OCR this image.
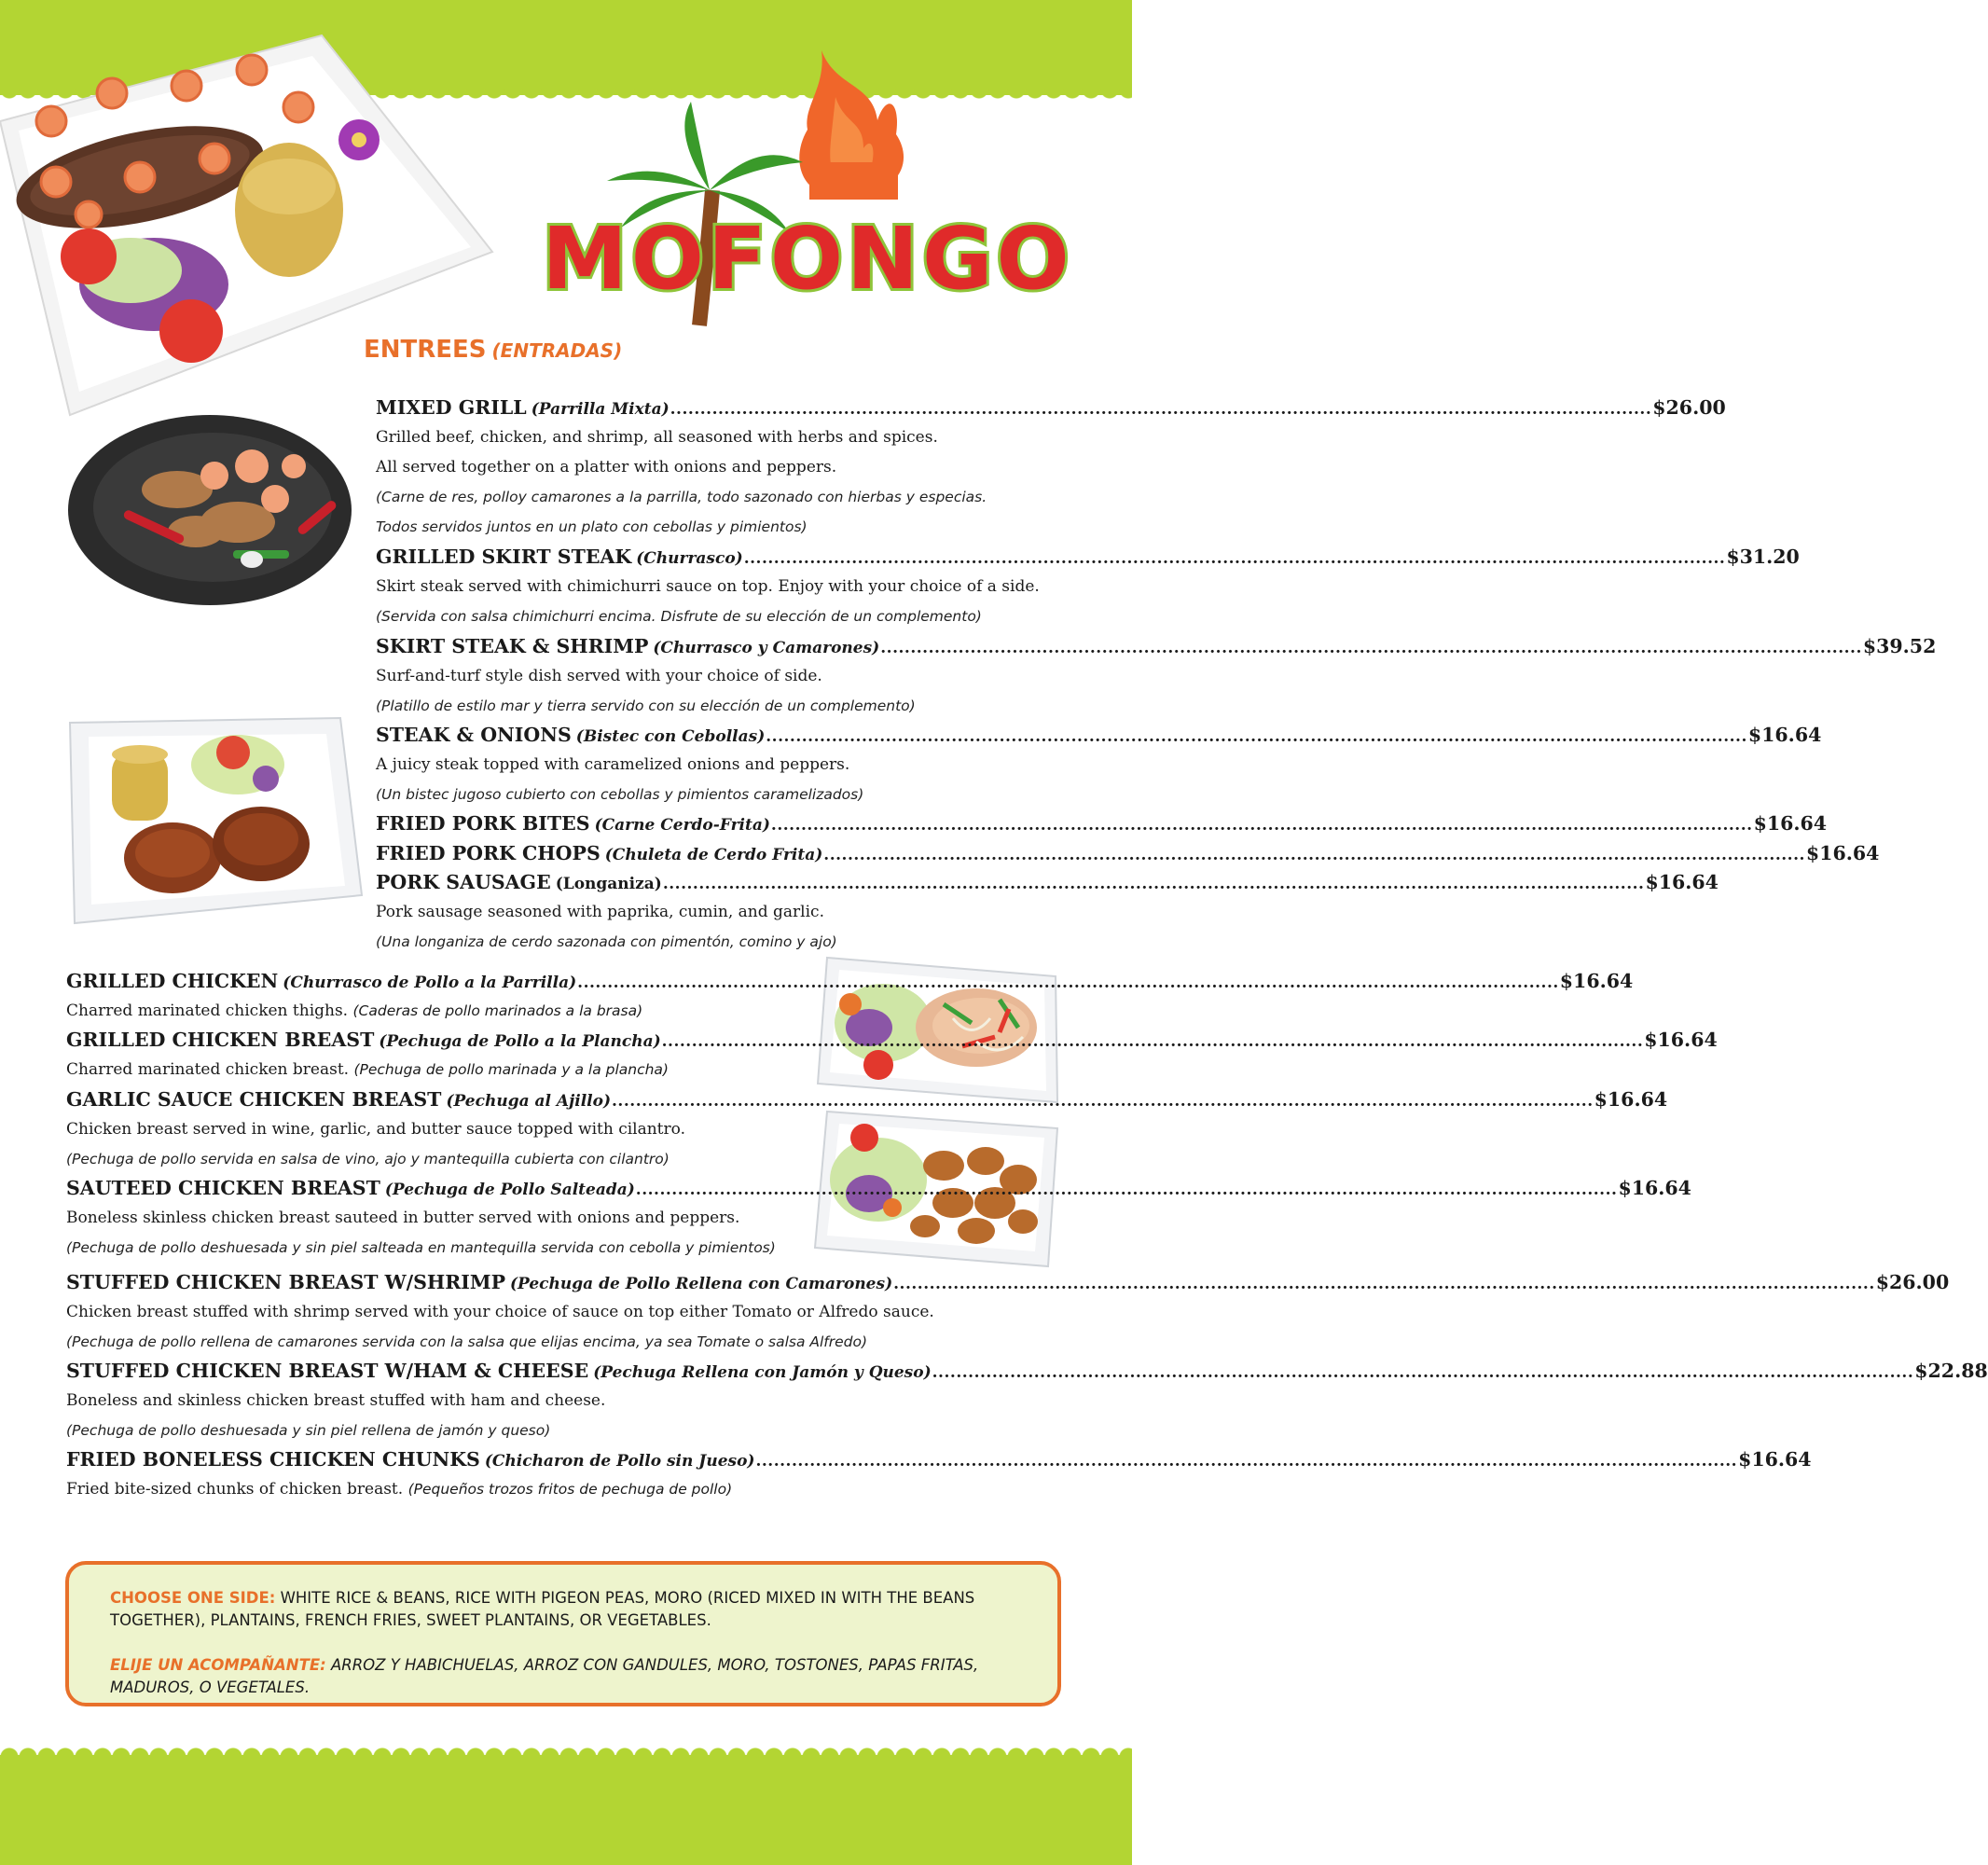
MOFONGO
ENTREES (ENTRADAS)
MIXED GRILL (Parrilla Mixta) .................................................................................................................................................................... $26.00
Grilled beef, chicken, and shrimp, all seasoned with herbs and spices.
All served together on a platter with onions and peppers.
(Carne de res, polloy camarones a la parrilla, todo sazonado con hierbas y especias.
Todos servidos juntos en un plato con cebollas y pimientos)
GRILLED SKIRT STEAK (Churrasco) .................................................................................................................................................................... $31.20
Skirt steak served with chimichurri sauce on top. Enjoy with your choice of a side.
(Servida con salsa chimichurri encima. Disfrute de su elección de un complemento)
SKIRT STEAK & SHRIMP (Churrasco y Camarones) .................................................................................................................................................................... $39.52
Surf-and-turf style dish served with your choice of side.
(Platillo de estilo mar y tierra servido con su elección de un complemento)
STEAK & ONIONS (Bistec con Cebollas) .................................................................................................................................................................... $16.64
A juicy steak topped with caramelized onions and peppers.
(Un bistec jugoso cubierto con cebollas y pimientos caramelizados)
FRIED PORK BITES (Carne Cerdo-Frita) .................................................................................................................................................................... $16.64
FRIED PORK CHOPS (Chuleta de Cerdo Frita) .................................................................................................................................................................... $16.64
PORK SAUSAGE (Longaniza) .................................................................................................................................................................... $16.64
Pork sausage seasoned with paprika, cumin, and garlic.
(Una longaniza de cerdo sazonada con pimentón, comino y ajo)
GRILLED CHICKEN (Churrasco de Pollo a la Parrilla) .................................................................................................................................................................... $16.64
Charred marinated chicken thighs. (Caderas de pollo marinados a la brasa)
GRILLED CHICKEN BREAST (Pechuga de Pollo a la Plancha) .................................................................................................................................................................... $16.64
Charred marinated chicken breast. (Pechuga de pollo marinada y a la plancha)
GARLIC SAUCE CHICKEN BREAST (Pechuga al Ajillo) .................................................................................................................................................................... $16.64
Chicken breast served in wine, garlic, and butter sauce topped with cilantro.
(Pechuga de pollo servida en salsa de vino, ajo y mantequilla cubierta con cilantro)
SAUTEED CHICKEN BREAST (Pechuga de Pollo Salteada) .................................................................................................................................................................... $16.64
Boneless skinless chicken breast sauteed in butter served with onions and peppers.
(Pechuga de pollo deshuesada y sin piel salteada en mantequilla servida con cebolla y pimientos)
STUFFED CHICKEN BREAST W/SHRIMP (Pechuga de Pollo Rellena con Camarones) .................................................................................................................................................................... $26.00
Chicken breast stuffed with shrimp served with your choice of sauce on top either Tomato or Alfredo sauce.
(Pechuga de pollo rellena de camarones servida con la salsa que elijas encima, ya sea Tomate o salsa Alfredo)
STUFFED CHICKEN BREAST W/HAM & CHEESE (Pechuga Rellena con Jamón y Queso) .................................................................................................................................................................... $22.88
Boneless and skinless chicken breast stuffed with ham and cheese.
(Pechuga de pollo deshuesada y sin piel rellena de jamón y queso)
FRIED BONELESS CHICKEN CHUNKS (Chicharon de Pollo sin Jueso) .................................................................................................................................................................... $16.64
Fried bite-sized chunks of chicken breast. (Pequeños trozos fritos de pechuga de pollo)
CHOOSE ONE SIDE: WHITE RICE & BEANS, RICE WITH PIGEON PEAS, MORO (RICED MIXED IN WITH THE BEANS TOGETHER), PLANTAINS, FRENCH FRIES, SWEET PLANTAINS, OR VEGETABLES.
ELIJE UN ACOMPAÑANTE: ARROZ Y HABICHUELAS, ARROZ CON GANDULES, MORO, TOSTONES, PAPAS FRITAS, MADUROS, O VEGETALES.
